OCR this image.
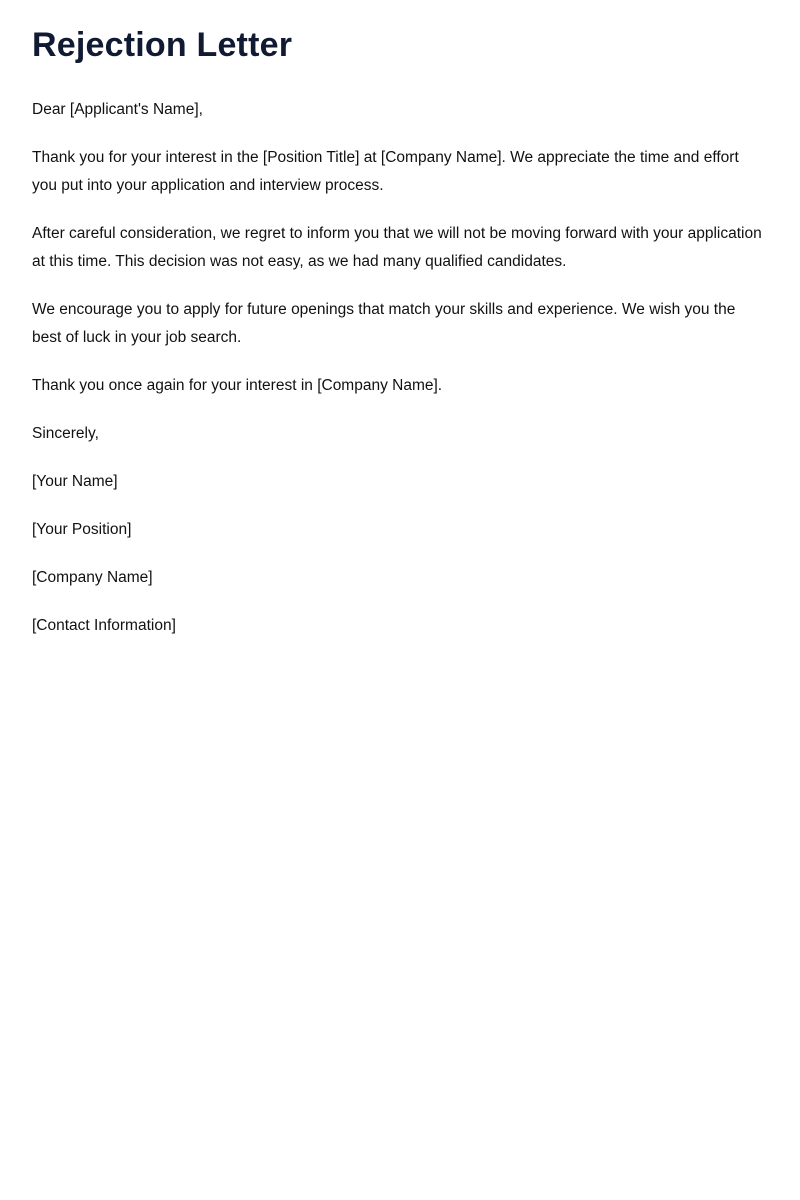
Rejection Letter

Dear [Applicant's Name],

Thank you for your interest in the [Position Title] at [Company Name]. We appreciate the time and effort you put into your application and interview process.

After careful consideration, we regret to inform you that we will not be moving forward with your application at this time. This decision was not easy, as we had many qualified candidates.

We encourage you to apply for future openings that match your skills and experience. We wish you the best of luck in your job search.

Thank you once again for your interest in [Company Name].

Sincerely,

[Your Name]

[Your Position]

[Company Name]

[Contact Information]
